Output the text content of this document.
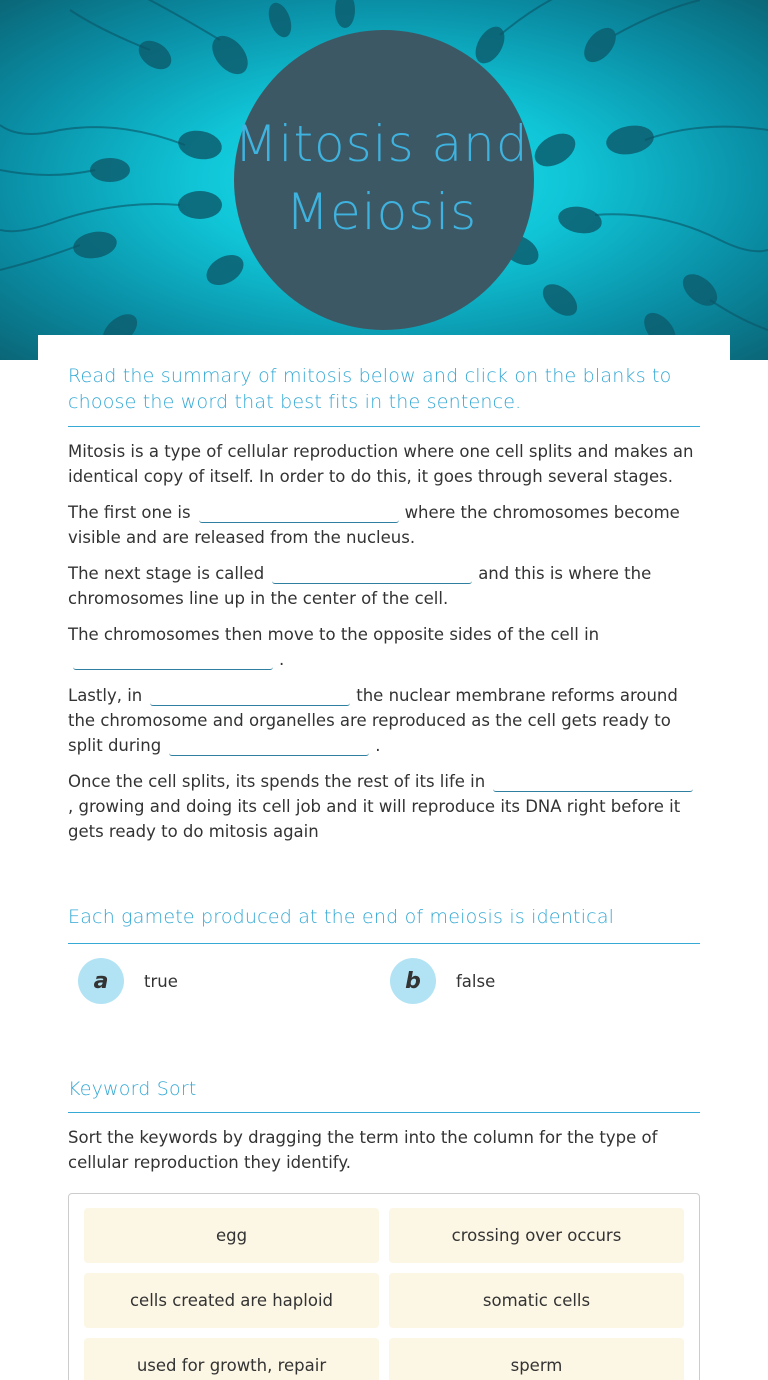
Mitosis and Meiosis
Read the summary of mitosis below and click on the blanks to choose the word that best fits in the sentence.

Mitosis is a type of cellular reproduction where one cell splits and makes an identical copy of itself. In order to do this, it goes through several stages.

The first one is	where the chromosomes become visible and are released from the nucleus.

The next stage is called	and this is where the chromosomes line up in the center of the cell.

The chromosomes then move to the opposite sides of the cell in
.

Lastly, in	the nuclear membrane reforms around the chromosome and organelles are reproduced as the cell gets ready to split during	.

Once the cell splits, its spends the rest of its life in, growing and doing its cell job and it will reproduce its DNA right before it gets ready to do mitosis again

Each gamete produced at the end of meiosis is identical
a	true	b	false
Keyword Sort

Sort the keywords by dragging the term into the column for the type of cellular reproduction they identify.

egg	crossing over occurs
cells created are haploid	somatic cells
used for growth, repair	sperm
